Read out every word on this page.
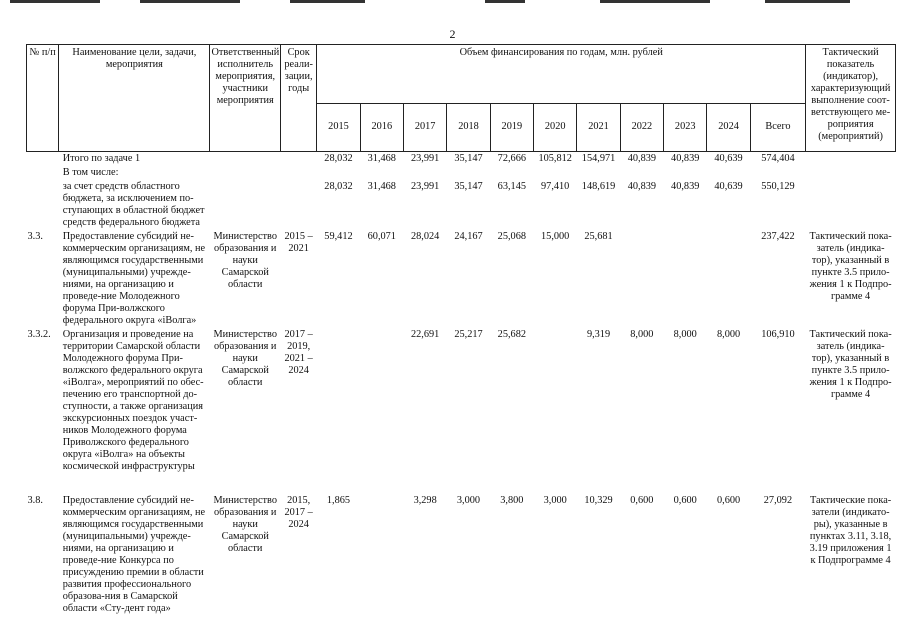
2
№ п/п	Наименование цели, задачи, мероприятия	Ответственный исполнитель мероприятия, участники мероприятия	Срок реали-зации, годы	Объем финансирования по годам, млн. рублей											Тактический показатель (индикатор), характеризующий выполнение соот-ветствующего ме-роприятия (мероприятий)
				2015	2016	2017	2018	2019	2020	2021	2022	2023	2024	Всего	
	Итого по задаче 1			28,032	31,468	23,991	35,147	72,666	105,812	154,971	40,839	40,839	40,639	574,404	
	В том числе:														
	за счет средств областного бюджета, за исключением по-ступающих в областной бюджет средств федерального бюджета			28,032	31,468	23,991	35,147	63,145	97,410	148,619	40,839	40,839	40,639	550,129	
3.3.	Предоставление субсидий не-коммерческим организациям, не являющимся государственными (муниципальными) учрежде-ниями, на организацию и проведе-ние Молодежного форума При-волжского федерального округа «iВолга»	Министерство образования и науки Самарской области	2015 – 2021	59,412	60,071	28,024	24,167	25,068	15,000	25,681				237,422	Тактический пока-затель (индика-тор), указанный в пункте 3.5 прило-жения 1 к Подпро-грамме 4
3.3.2.	Организация и проведение на территории Самарской области Молодежного форума При-волжского федерального округа «iВолга», мероприятий по обес-печению его транспортной до-ступности, а также организация экскурсионных поездок участ-ников Молодежного форума Приволжского федерального округа «iВолга» на объекты космической инфраструктуры	Министерство образования и науки Самарской области	2017 – 2019, 2021 – 2024			22,691	25,217	25,682		9,319	8,000	8,000	8,000	106,910	Тактический пока-затель (индика-тор), указанный в пункте 3.5 прило-жения 1 к Подпро-грамме 4
3.8.	Предоставление субсидий не-коммерческим организациям, не являющимся государственными (муниципальными) учрежде-ниями, на организацию и проведе-ние Конкурса по присуждению премии в области развития профессионального образова-ния в Самарской области «Сту-дент года»	Министерство образования и науки Самарской области	2015, 2017 – 2024	1,865		3,298	3,000	3,800	3,000	10,329	0,600	0,600	0,600	27,092	Тактические пока-затели (индикато-ры), указанные в пунктах 3.11, 3.18, 3.19 приложения 1 к Подпрограмме 4
